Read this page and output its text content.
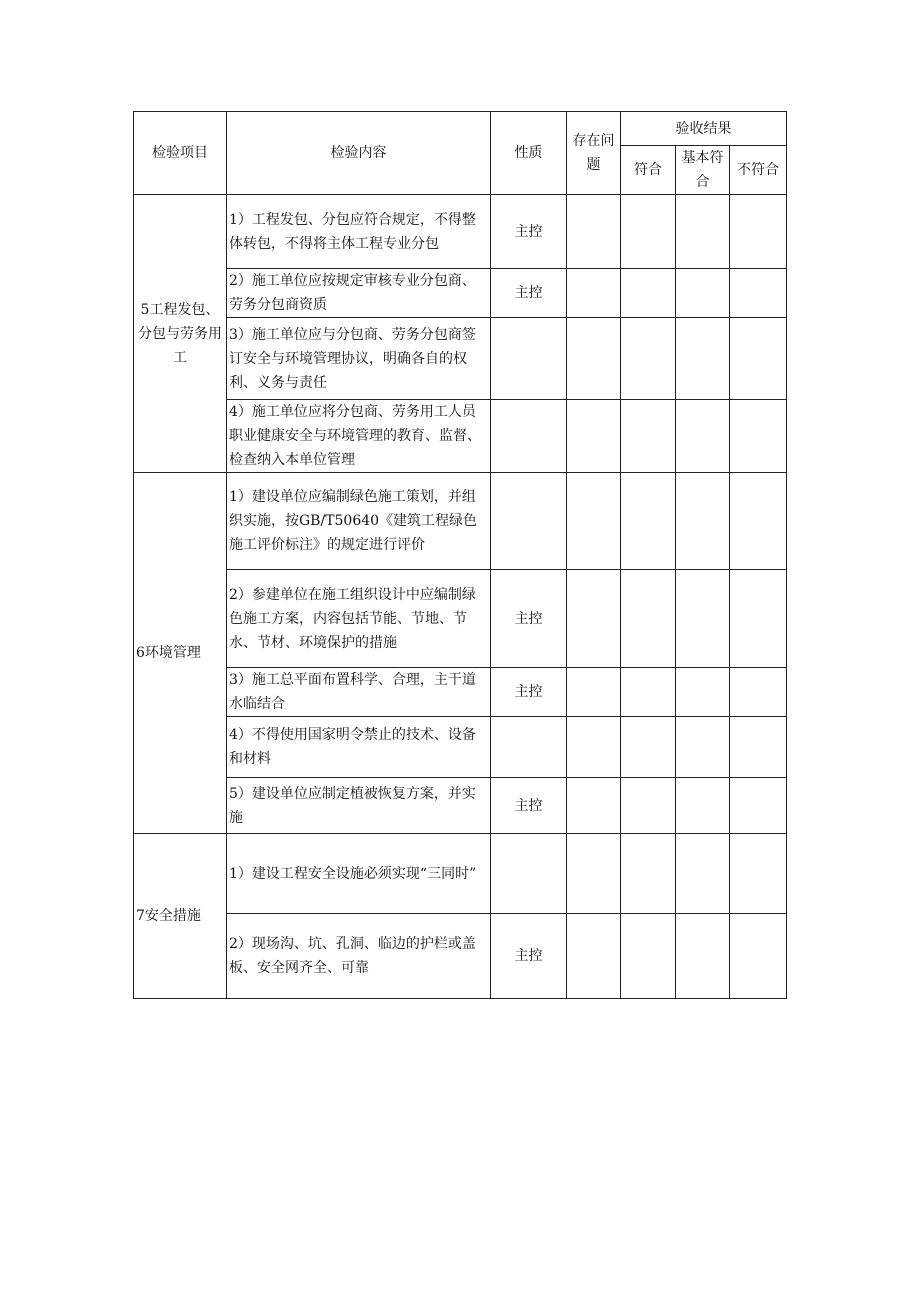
检验项目	检验内容	性质	存在问题	验收结果		
				符合	基本符合	不符合
5工程发包、分包与劳务用工	1）工程发包、分包应符合规定，不得整体转包，不得将主体工程专业分包	主控				
	2）施工单位应按规定审核专业分包商、劳务分包商资质	主控				
	3）施工单位应与分包商、劳务分包商签订安全与环境管理协议，明确各自的权利、义务与责任					
	4）施工单位应将分包商、劳务用工人员职业健康安全与环境管理的教育、监督、检查纳入本单位管理					
6环境管理	1）建设单位应编制绿色施工策划，并组织实施，按GB/T50640《建筑工程绿色施工评价标注》的规定进行评价					
	2）参建单位在施工组织设计中应编制绿色施工方案，内容包括节能、节地、节水、节材、环境保护的措施	主控				
	3）施工总平面布置科学、合理，主干道水临结合	主控				
	4）不得使用国家明令禁止的技术、设备和材料					
	5）建设单位应制定植被恢复方案，并实施	主控				
7安全措施	1）建设工程安全设施必须实现“三同时”					
	2）现场沟、坑、孔洞、临边的护栏或盖板、安全网齐全、可靠	主控				
